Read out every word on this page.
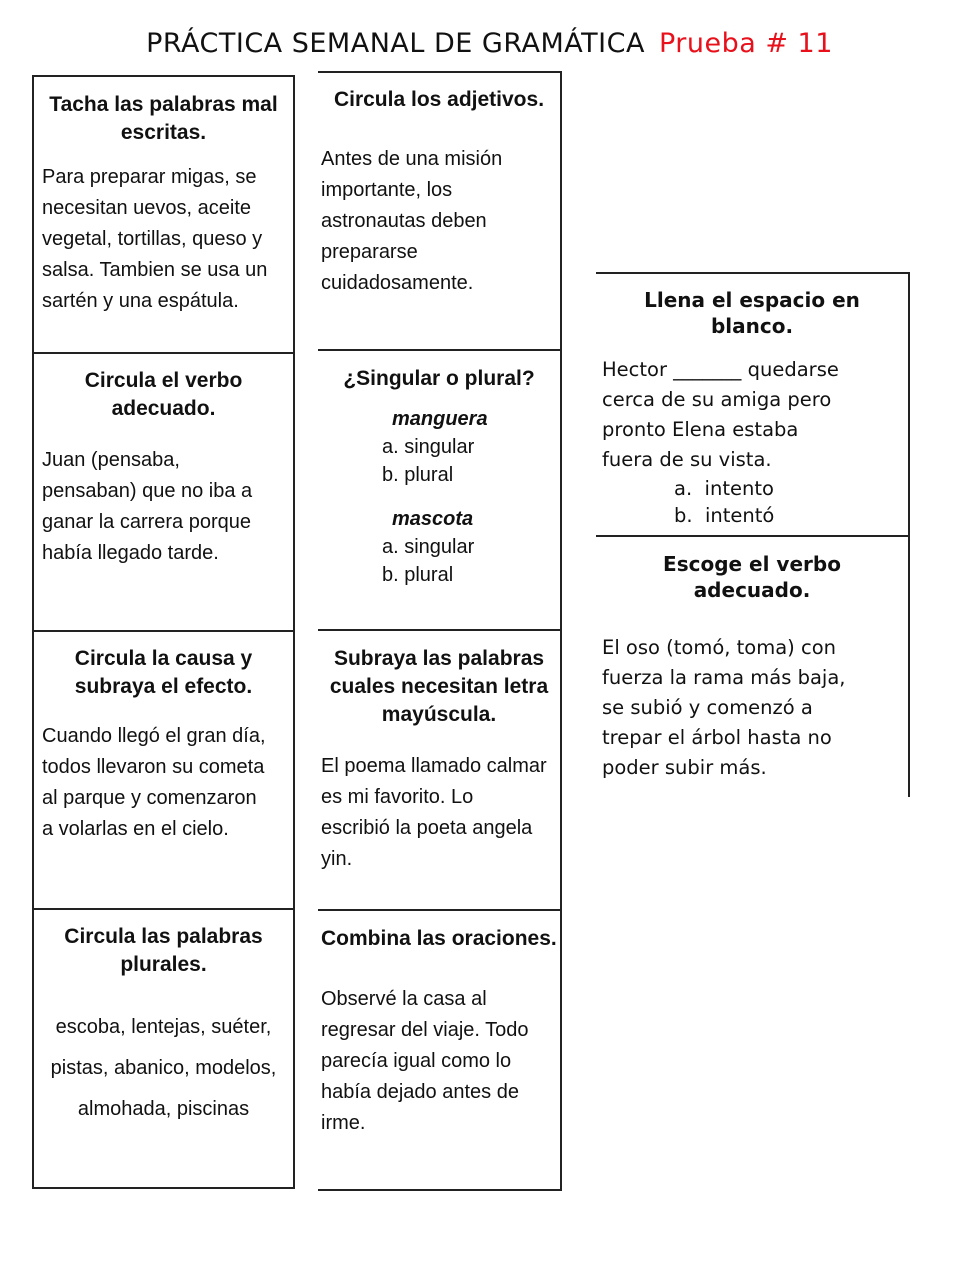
PRÁCTICA SEMANAL DE GRAMÁTICA Prueba # 11
Tacha las palabras mal escritas.
Para preparar migas, se
necesitan uevos, aceite
vegetal, tortillas, queso y
salsa. Tambien se usa un
sartén y una espátula.
Circula el verbo adecuado.
Juan (pensaba,
pensaban) que no iba a
ganar la carrera porque
había llegado tarde.
Circula la causa y subraya el efecto.
Cuando llegó el gran día,
todos llevaron su cometa
al parque y comenzaron
a volarlas en el cielo.
Circula las palabras plurales.
escoba, lentejas, suéter,
pistas, abanico, modelos,
almohada, piscinas
Circula los adjetivos.
Antes de una misión
importante, los
astronautas deben
prepararse
cuidadosamente.
¿Singular o plural?
manguera
a. singular
b. plural
mascota
a. singular
b. plural
Subraya las palabras cuales necesitan letra mayúscula.
El poema llamado calmar
es mi favorito. Lo
escribió la poeta angela
yin.
Combina las oraciones.
Observé la casa al
regresar del viaje. Todo
parecía igual como lo
había dejado antes de
irme.
Llena el espacio en blanco.
Hector _______ quedarse
cerca de su amiga pero
pronto Elena estaba
fuera de su vista.
a.  intento
b.  intentó
Escoge el verbo adecuado.
El oso (tomó, toma) con
fuerza la rama más baja,
se subió y comenzó a
trepar el árbol hasta no
poder subir más.
